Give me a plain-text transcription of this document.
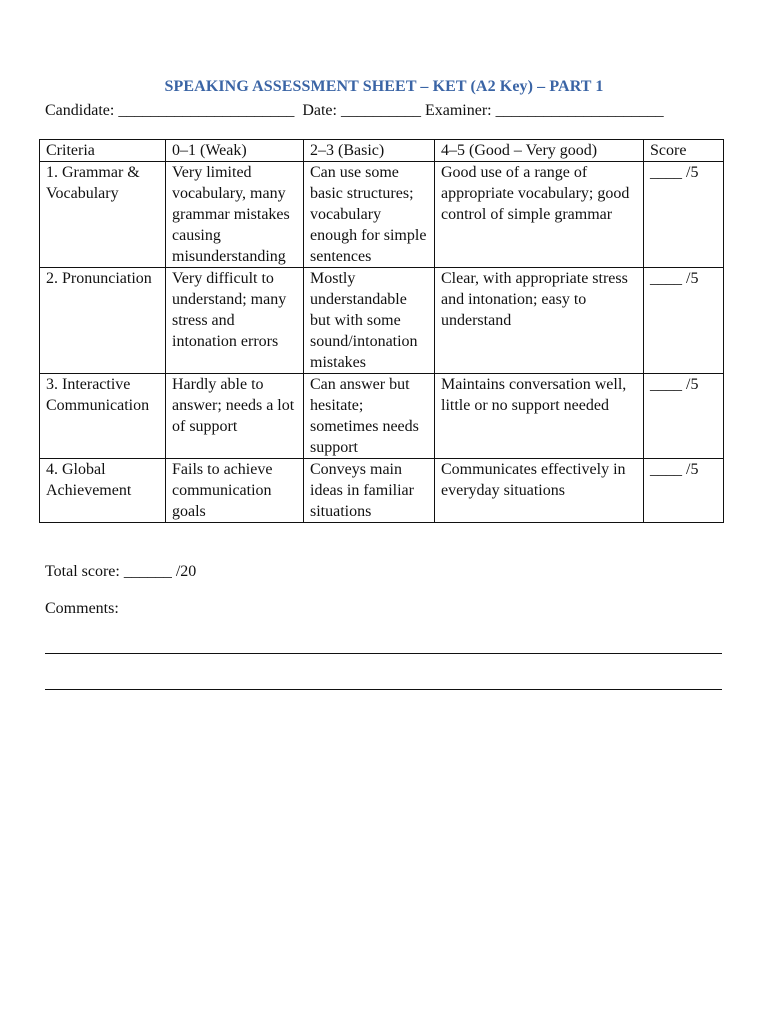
SPEAKING ASSESSMENT SHEET – KET (A2 Key) – PART 1
Candidate: ______________________  Date: __________ Examiner: _____________________
Criteria	0–1 (Weak)	2–3 (Basic)	4–5 (Good – Very good)	Score
1. Grammar & Vocabulary	Very limited vocabulary, many grammar mistakes causing misunderstanding	Can use some basic structures; vocabulary enough for simple sentences	Good use of a range of appropriate vocabulary; good control of simple grammar	____ /5
2. Pronunciation	Very difficult to understand; many stress and intonation errors	Mostly understandable but with some sound/intonation mistakes	Clear, with appropriate stress and intonation; easy to understand	____ /5
3. Interactive Communication	Hardly able to answer; needs a lot of support	Can answer but hesitate; sometimes needs support	Maintains conversation well, little or no support needed	____ /5
4. Global Achievement	Fails to achieve communication goals	Conveys main ideas in familiar situations	Communicates effectively in everyday situations	____ /5
Total score: ______ /20
Comments:
